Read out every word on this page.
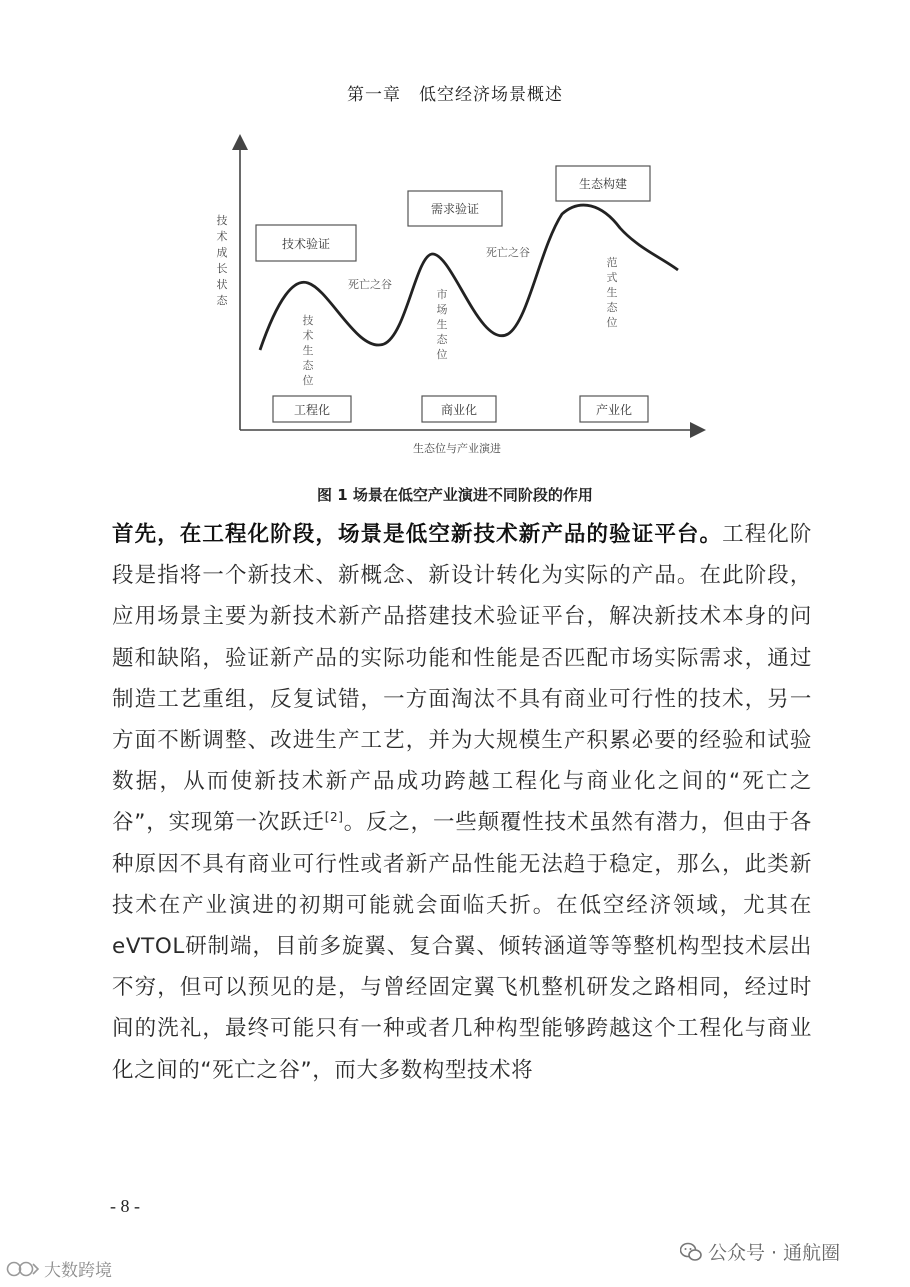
第一章　低空经济场景概述
技术成长状态
技术验证
需求验证
生态构建
死亡之谷
死亡之谷
技术生态位
市场生态位
范式生态位
工程化	商业化	产业化
生态位与产业演进
图 1 场景在低空产业演进不同阶段的作用
首先，在工程化阶段，场景是低空新技术新产品的验证平台。工程化阶段是指将一个新技术、新概念、新设计转化为实际的产品。在此阶段，应用场景主要为新技术新产品搭建技术验证平台，解决新技术本身的问题和缺陷，验证新产品的实际功能和性能是否匹配市场实际需求，通过制造工艺重组，反复试错，一方面淘汰不具有商业可行性的技术，另一方面不断调整、改进生产工艺，并为大规模生产积累必要的经验和试验数据，从而使新技术新产品成功跨越工程化与商业化之间的“死亡之谷”，实现第一次跃迁[2]。反之，一些颠覆性技术虽然有潜力，但由于各种原因不具有商业可行性或者新产品性能无法趋于稳定，那么，此类新技术在产业演进的初期可能就会面临夭折。在低空经济领域，尤其在eVTOL研制端，目前多旋翼、复合翼、倾转涵道等等整机构型技术层出不穷，但可以预见的是，与曾经固定翼飞机整机研发之路相同，经过时间的洗礼，最终可能只有一种或者几种构型能够跨越这个工程化与商业化之间的“死亡之谷”，而大多数构型技术将
- 8 -
公众号 · 通航圈
大数跨境
